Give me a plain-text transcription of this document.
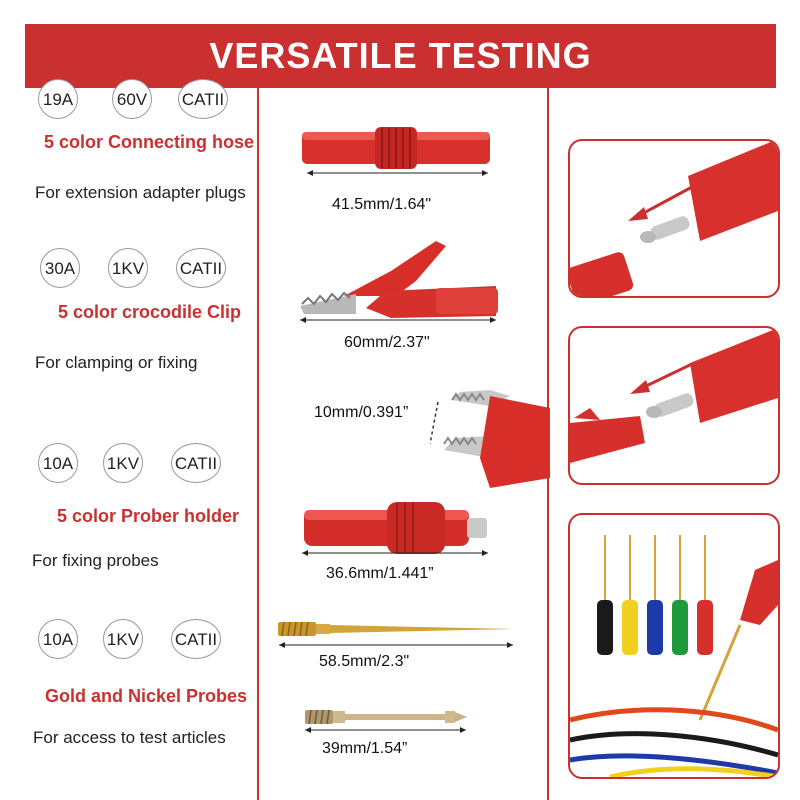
VERSATILE TESTING
19A	60V CATII
5 color Connecting hose
For extension adapter plugs
30A 1KV CATII
5 color crocodile Clip
For clamping or fixing
10A 1KV CATII
5 color Prober holder
For fixing probes
10A 1KV CATII
Gold and Nickel Probes
For access to test articles
41.5mm/1.64"
60mm/2.37"
10mm/0.391”
36.6mm/1.441”
58.5mm/2.3"
39mm/1.54”
